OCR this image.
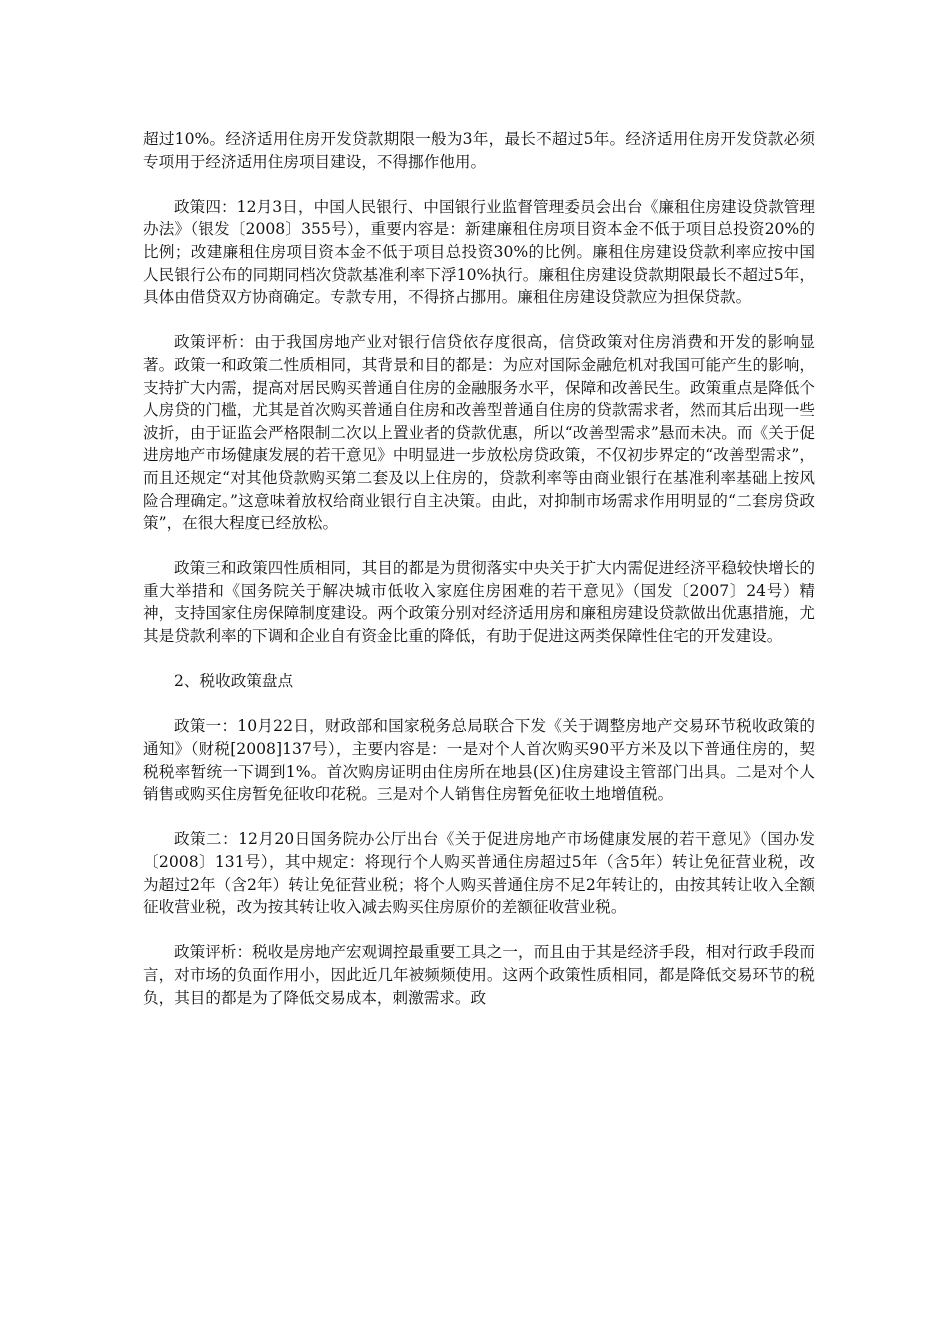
超过10%。经济适用住房开发贷款期限一般为3年，最长不超过5年。经济适用住房开发贷款必须专项用于经济适用住房项目建设，不得挪作他用。

政策四：12月3日，中国人民银行、中国银行业监督管理委员会出台《廉租住房建设贷款管理办法》（银发〔2008〕355号），重要内容是：新建廉租住房项目资本金不低于项目总投资20%的比例；改建廉租住房项目资本金不低于项目总投资30%的比例。廉租住房建设贷款利率应按中国人民银行公布的同期同档次贷款基准利率下浮10%执行。廉租住房建设贷款期限最长不超过5年，具体由借贷双方协商确定。专款专用，不得挤占挪用。廉租住房建设贷款应为担保贷款。

政策评析：由于我国房地产业对银行信贷依存度很高，信贷政策对住房消费和开发的影响显著。政策一和政策二性质相同，其背景和目的都是：为应对国际金融危机对我国可能产生的影响，支持扩大内需，提高对居民购买普通自住房的金融服务水平，保障和改善民生。政策重点是降低个人房贷的门槛，尤其是首次购买普通自住房和改善型普通自住房的贷款需求者，然而其后出现一些波折，由于证监会严格限制二次以上置业者的贷款优惠，所以“改善型需求”悬而未决。而《关于促进房地产市场健康发展的若干意见》中明显进一步放松房贷政策，不仅初步界定的“改善型需求”，而且还规定“对其他贷款购买第二套及以上住房的，贷款利率等由商业银行在基准利率基础上按风险合理确定。”这意味着放权给商业银行自主决策。由此，对抑制市场需求作用明显的“二套房贷政策”，在很大程度已经放松。

政策三和政策四性质相同，其目的都是为贯彻落实中央关于扩大内需促进经济平稳较快增长的重大举措和《国务院关于解决城市低收入家庭住房困难的若干意见》（国发〔2007〕24号）精神，支持国家住房保障制度建设。两个政策分别对经济适用房和廉租房建设贷款做出优惠措施，尤其是贷款利率的下调和企业自有资金比重的降低，有助于促进这两类保障性住宅的开发建设。

2、税收政策盘点

政策一：10月22日，财政部和国家税务总局联合下发《关于调整房地产交易环节税收政策的通知》（财税[2008]137号），主要内容是：一是对个人首次购买90平方米及以下普通住房的，契税税率暂统一下调到1%。首次购房证明由住房所在地县(区)住房建设主管部门出具。二是对个人销售或购买住房暂免征收印花税。三是对个人销售住房暂免征收土地增值税。

政策二：12月20日国务院办公厅出台《关于促进房地产市场健康发展的若干意见》（国办发〔2008〕131号），其中规定：将现行个人购买普通住房超过5年（含5年）转让免征营业税，改为超过2年（含2年）转让免征营业税；将个人购买普通住房不足2年转让的，由按其转让收入全额征收营业税，改为按其转让收入减去购买住房原价的差额征收营业税。

政策评析：税收是房地产宏观调控最重要工具之一，而且由于其是经济手段，相对行政手段而言，对市场的负面作用小，因此近几年被频频使用。这两个政策性质相同，都是降低交易环节的税负，其目的都是为了降低交易成本，刺激需求。政
